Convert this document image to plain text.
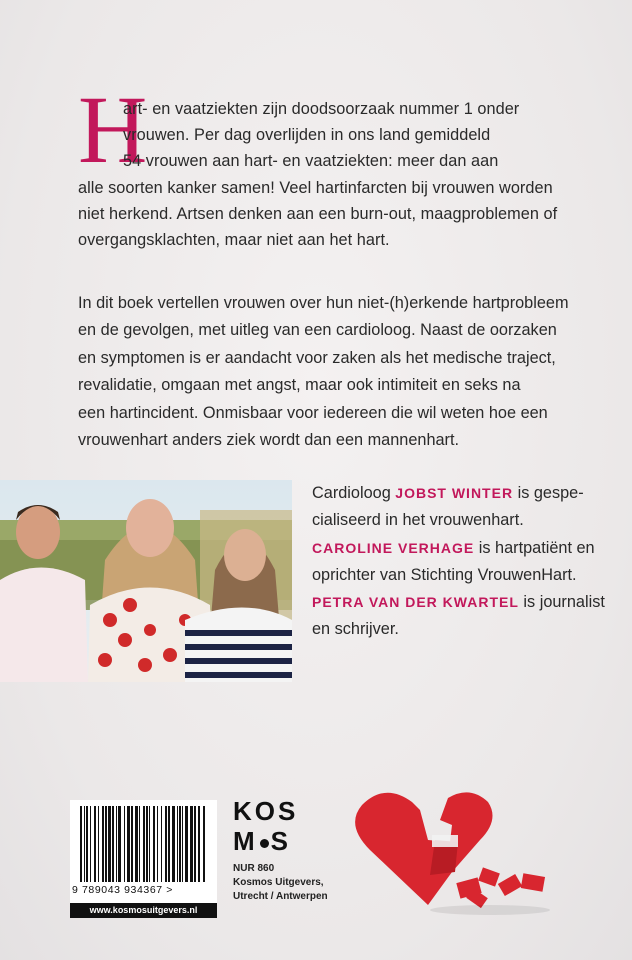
H
art- en vaatziekten zijn doodsoorzaak nummer 1 onder
vrouwen. Per dag overlijden in ons land gemiddeld
54 vrouwen aan hart- en vaatziekten: meer dan aan
alle soorten kanker samen! Veel hartinfarcten bij vrouwen worden
niet herkend. Artsen denken aan een burn-out, maagproblemen of
overgangsklachten, maar niet aan het hart.
In dit boek vertellen vrouwen over hun niet-(h)erkende hartprobleem
en de gevolgen, met uitleg van een cardioloog. Naast de oorzaken
en symptomen is er aandacht voor zaken als het medische traject,
revalidatie, omgaan met angst, maar ook intimiteit en seks na
een hartincident. Onmisbaar voor iedereen die wil weten hoe een
vrouwenhart anders ziek wordt dan een mannenhart.
Cardioloog JOBST WINTER is gespe-
cialiseerd in het vrouwenhart.
CAROLINE VERHAGE is hartpatiënt en
oprichter van Stichting VrouwenHart.
PETRA VAN DER KWARTEL is journalist
en schrijver.
9 789043 934367 >
www.kosmosuitgevers.nl
KOS
M S
NUR 860
Kosmos Uitgevers,
Utrecht / Antwerpen
